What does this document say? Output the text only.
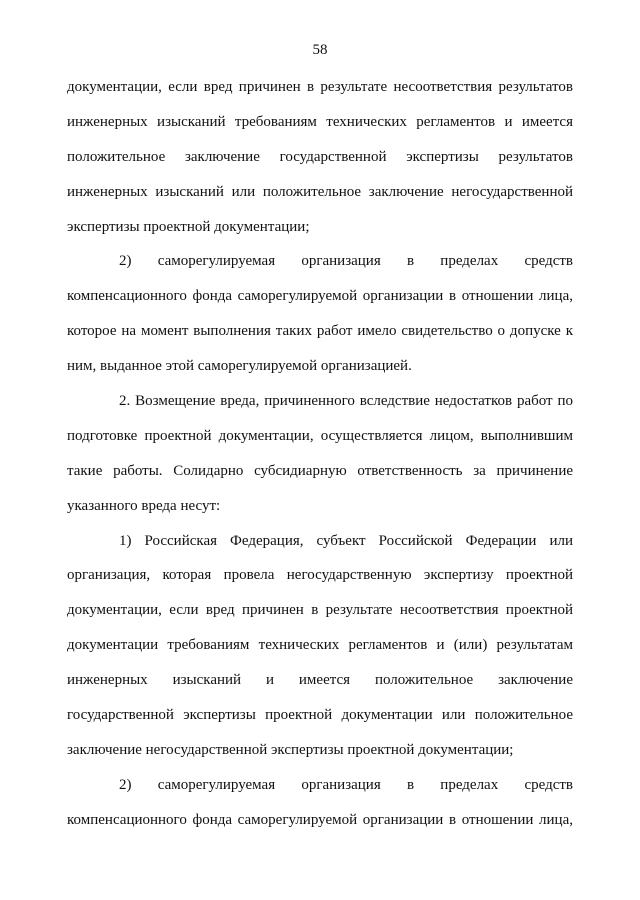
58
документации, если вред причинен в результате несоответствия результатов
инженерных изысканий требованиям технических регламентов и имеется
положительное заключение государственной экспертизы результатов
инженерных изысканий или положительное заключение негосударственной
экспертизы проектной документации;
2) саморегулируемая организация в пределах средств
компенсационного фонда саморегулируемой организации в отношении лица,
которое на момент выполнения таких работ имело свидетельство о допуске к
ним, выданное этой саморегулируемой организацией.
2. Возмещение вреда, причиненного вследствие недостатков работ по
подготовке проектной документации, осуществляется лицом, выполнившим
такие работы. Солидарно субсидиарную ответственность за причинение
указанного вреда несут:
1) Российская Федерация, субъект Российской Федерации или
организация, которая провела негосударственную экспертизу проектной
документации, если вред причинен в результате несоответствия проектной
документации требованиям технических регламентов и (или) результатам
инженерных изысканий и имеется положительное заключение
государственной экспертизы проектной документации или положительное
заключение негосударственной экспертизы проектной документации;
2) саморегулируемая организация в пределах средств
компенсационного фонда саморегулируемой организации в отношении лица,
